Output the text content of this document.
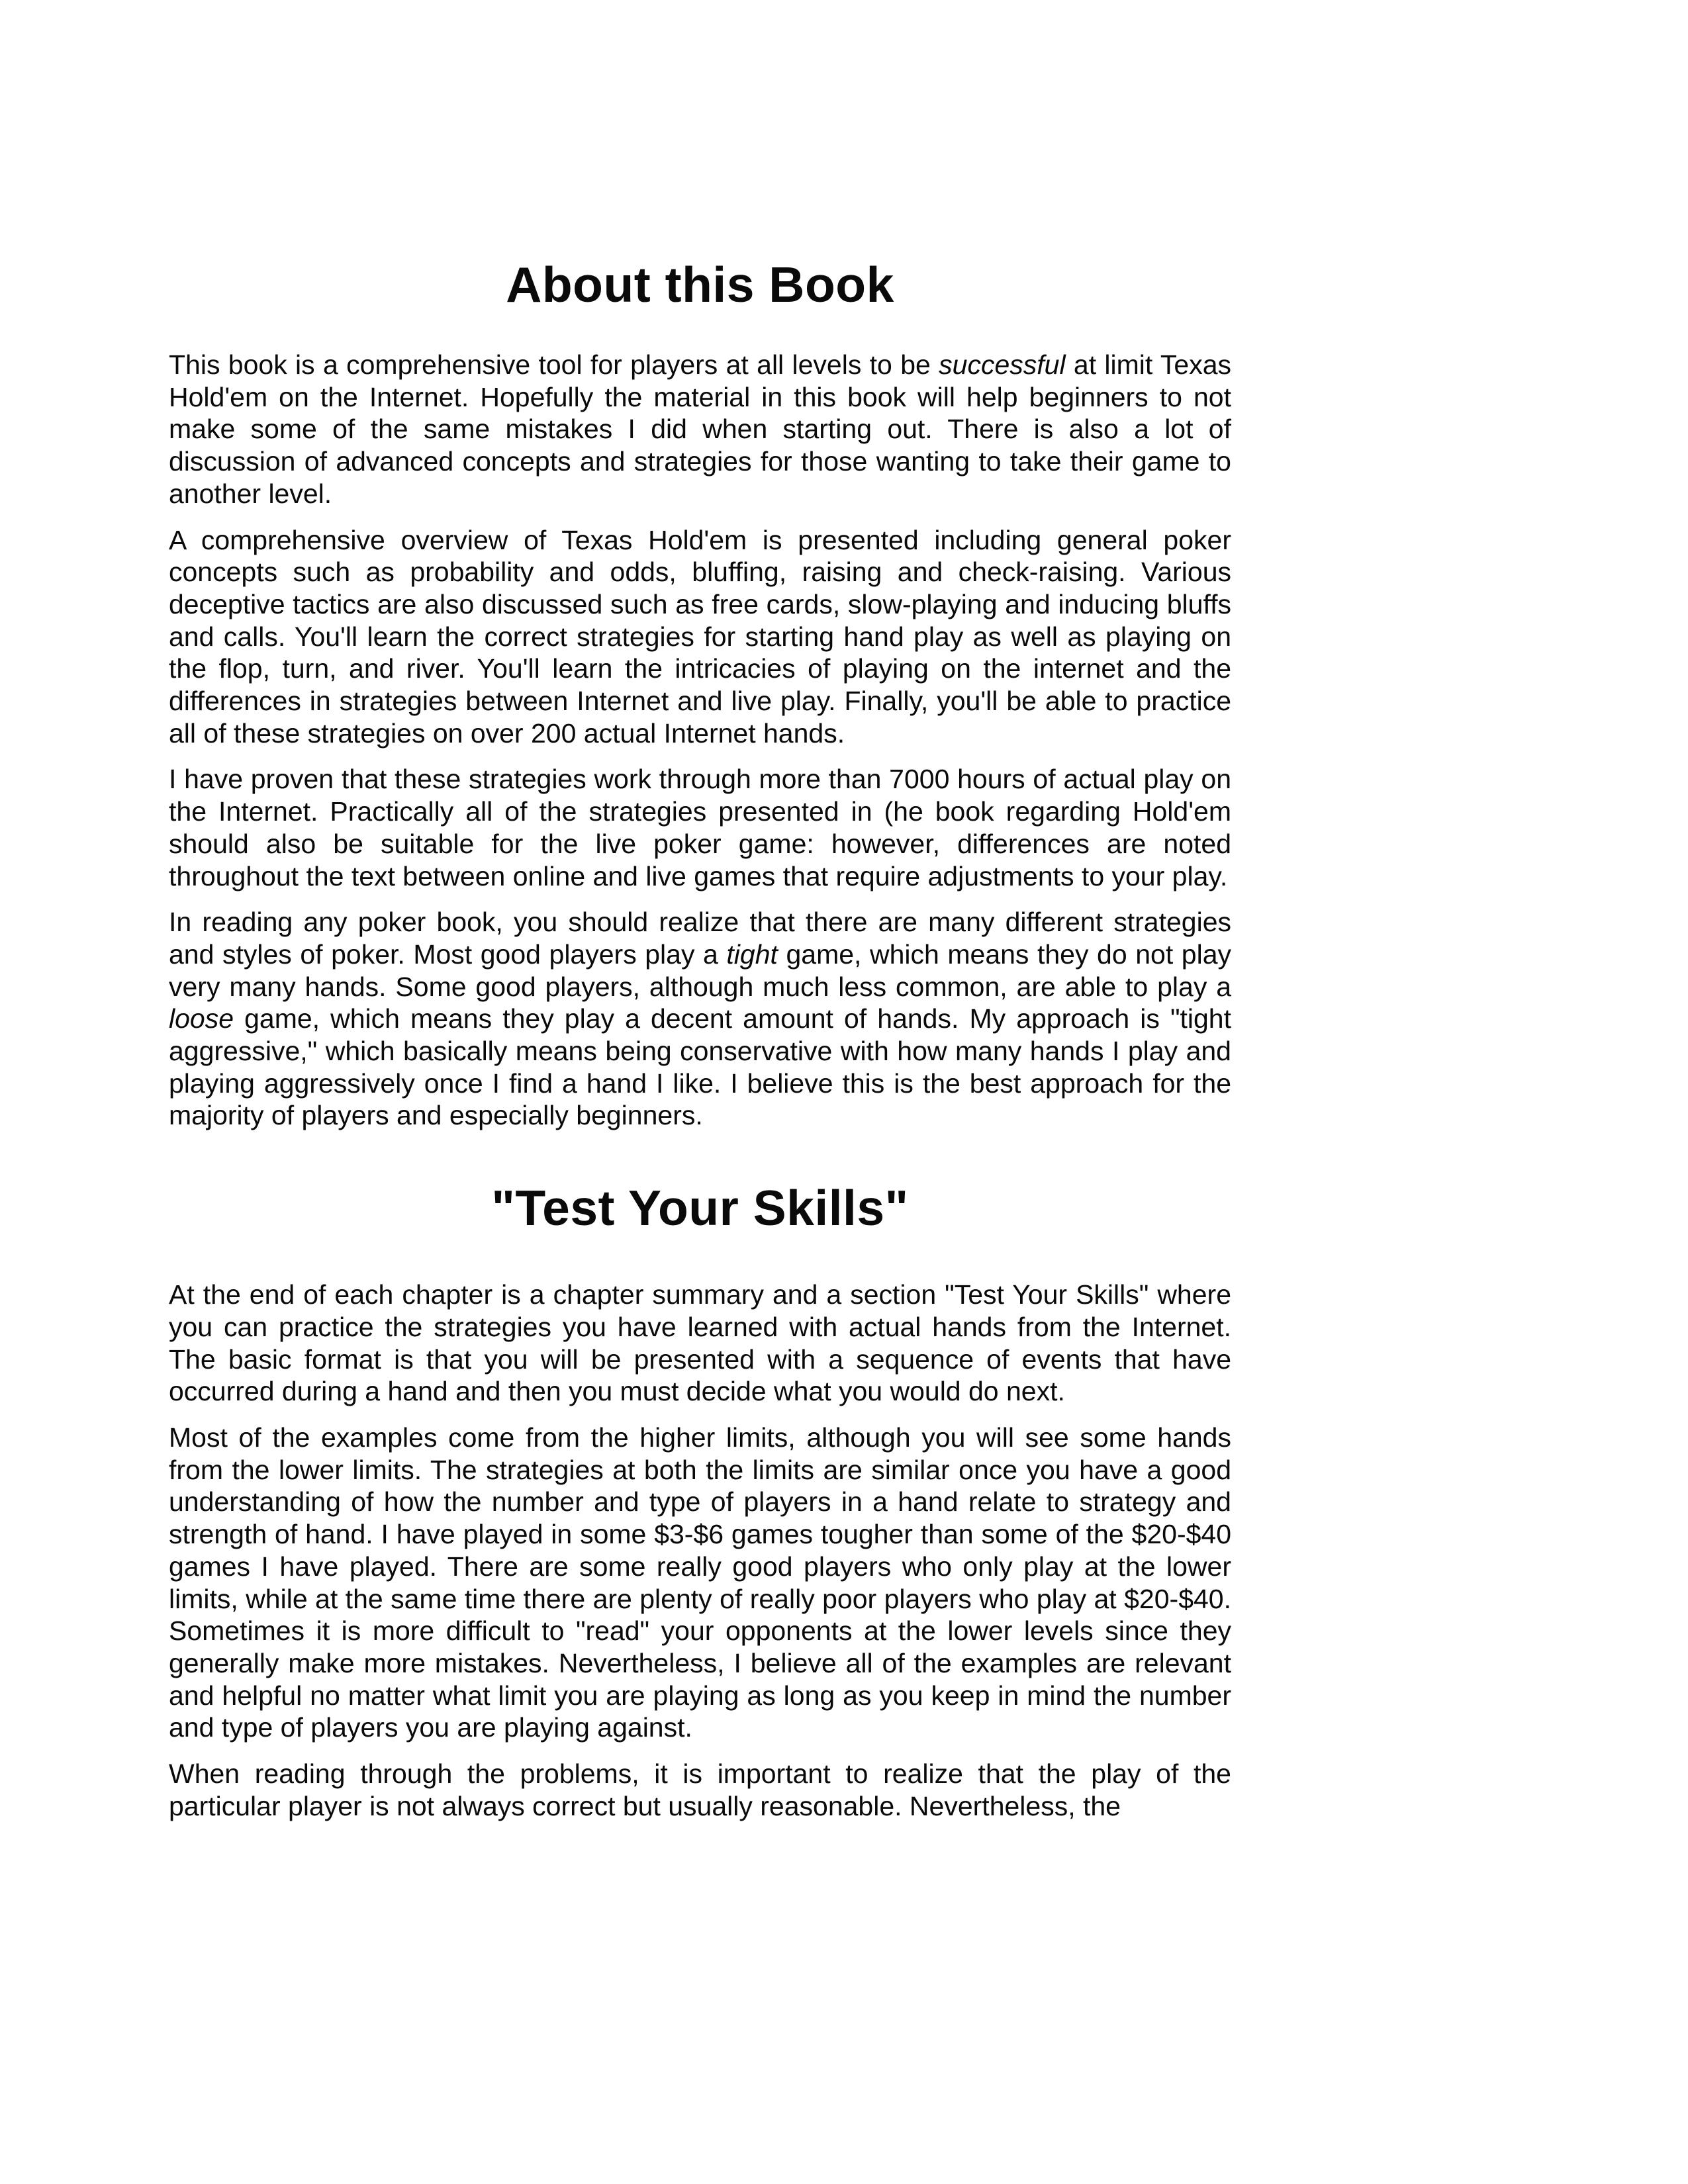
About this Book

This book is a comprehensive tool for players at all levels to be successful at limit Texas Hold'em on the Internet. Hopefully the material in this book will help beginners to not make some of the same mistakes I did when starting out. There is also a lot of discussion of advanced concepts and strategies for those wanting to take their game to another level.

A comprehensive overview of Texas Hold'em is presented including general poker concepts such as probability and odds, bluffing, raising and check-raising. Various deceptive tactics are also discussed such as free cards, slow-playing and inducing bluffs and calls. You'll learn the correct strategies for starting hand play as well as playing on the flop, turn, and river. You'll learn the intricacies of playing on the internet and the differences in strategies between Internet and live play. Finally, you'll be able to practice all of these strategies on over 200 actual Internet hands.

I have proven that these strategies work through more than 7000 hours of actual play on the Internet. Practically all of the strategies presented in (he book regarding Hold'em should also be suitable for the live poker game: however, differences are noted throughout the text between online and live games that require adjustments to your play.

In reading any poker book, you should realize that there are many different strategies and styles of poker. Most good players play a tight game, which means they do not play very many hands. Some good players, although much less common, are able to play a loose game, which means they play a decent amount of hands. My approach is "tight aggressive," which basically means being conservative with how many hands I play and playing aggressively once I find a hand I like. I believe this is the best approach for the majority of players and especially beginners.

"Test Your Skills"

At the end of each chapter is a chapter summary and a section "Test Your Skills" where you can practice the strategies you have learned with actual hands from the Internet. The basic format is that you will be presented with a sequence of events that have occurred during a hand and then you must decide what you would do next.

Most of the examples come from the higher limits, although you will see some hands from the lower limits. The strategies at both the limits are similar once you have a good understanding of how the number and type of players in a hand relate to strategy and strength of hand. I have played in some $3-$6 games tougher than some of the $20-$40 games I have played. There are some really good players who only play at the lower limits, while at the same time there are plenty of really poor players who play at $20-$40. Sometimes it is more difficult to "read" your opponents at the lower levels since they generally make more mistakes. Nevertheless, I believe all of the examples are relevant and helpful no matter what limit you are playing as long as you keep in mind the number and type of players you are playing against.

When reading through the problems, it is important to realize that the play of the particular player is not always correct but usually reasonable. Nevertheless, the
